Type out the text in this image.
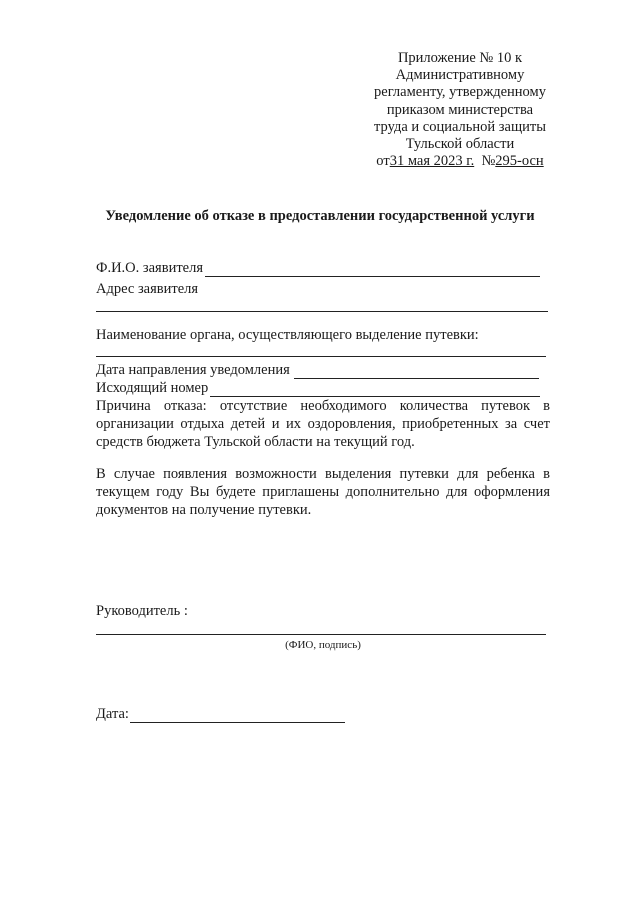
Приложение № 10 к
Административному
регламенту, утвержденному
приказом министерства
труда и социальной защиты
Тульской области
от31 мая 2023 г. №295-осн
Уведомление об отказе в предоставлении государственной услуги
Ф.И.О. заявителя
Адрес заявителя
Наименование органа, осуществляющего выделение путевки:
Дата направления уведомления
Исходящий номер
Причина отказа: отсутствие необходимого количества путевок в организации отдыха детей и их оздоровления, приобретенных за счет средств бюджета Тульской области на текущий год.
В случае появления возможности выделения путевки для ребенка в текущем году Вы будете приглашены дополнительно для оформления документов на получение путевки.
Руководитель :
(ФИО, подпись)
Дата:
